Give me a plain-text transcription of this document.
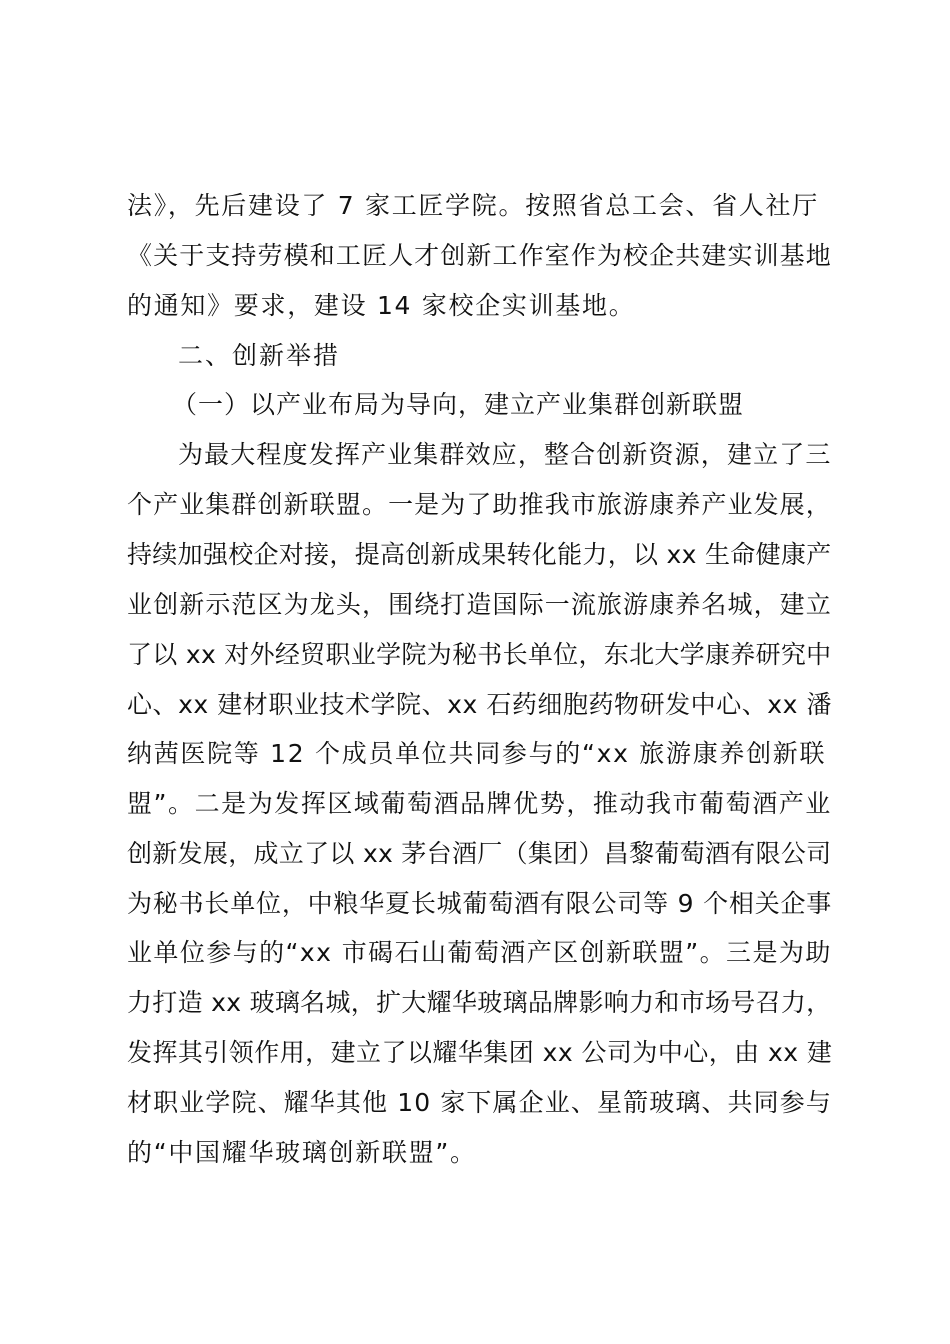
法》，先后建设了 7 家工匠学院。按照省总工会、省人社厅
《关于支持劳模和工匠人才创新工作室作为校企共建实训基地
的通知》要求，建设 14 家校企实训基地。
二、创新举措
（一）以产业布局为导向，建立产业集群创新联盟
为最大程度发挥产业集群效应，整合创新资源，建立了三
个产业集群创新联盟。一是为了助推我市旅游康养产业发展，
持续加强校企对接，提高创新成果转化能力，以 xx 生命健康产
业创新示范区为龙头，围绕打造国际一流旅游康养名城，建立
了以 xx 对外经贸职业学院为秘书长单位，东北大学康养研究中
心、xx 建材职业技术学院、xx 石药细胞药物研发中心、xx 潘
纳茜医院等 12 个成员单位共同参与的“xx 旅游康养创新联
盟”。二是为发挥区域葡萄酒品牌优势，推动我市葡萄酒产业
创新发展，成立了以 xx 茅台酒厂（集团）昌黎葡萄酒有限公司
为秘书长单位，中粮华夏长城葡萄酒有限公司等 9 个相关企事
业单位参与的“xx 市碣石山葡萄酒产区创新联盟”。三是为助
力打造 xx 玻璃名城，扩大耀华玻璃品牌影响力和市场号召力，
发挥其引领作用，建立了以耀华集团 xx 公司为中心，由 xx 建
材职业学院、耀华其他 10 家下属企业、星箭玻璃、共同参与
的“中国耀华玻璃创新联盟”。
